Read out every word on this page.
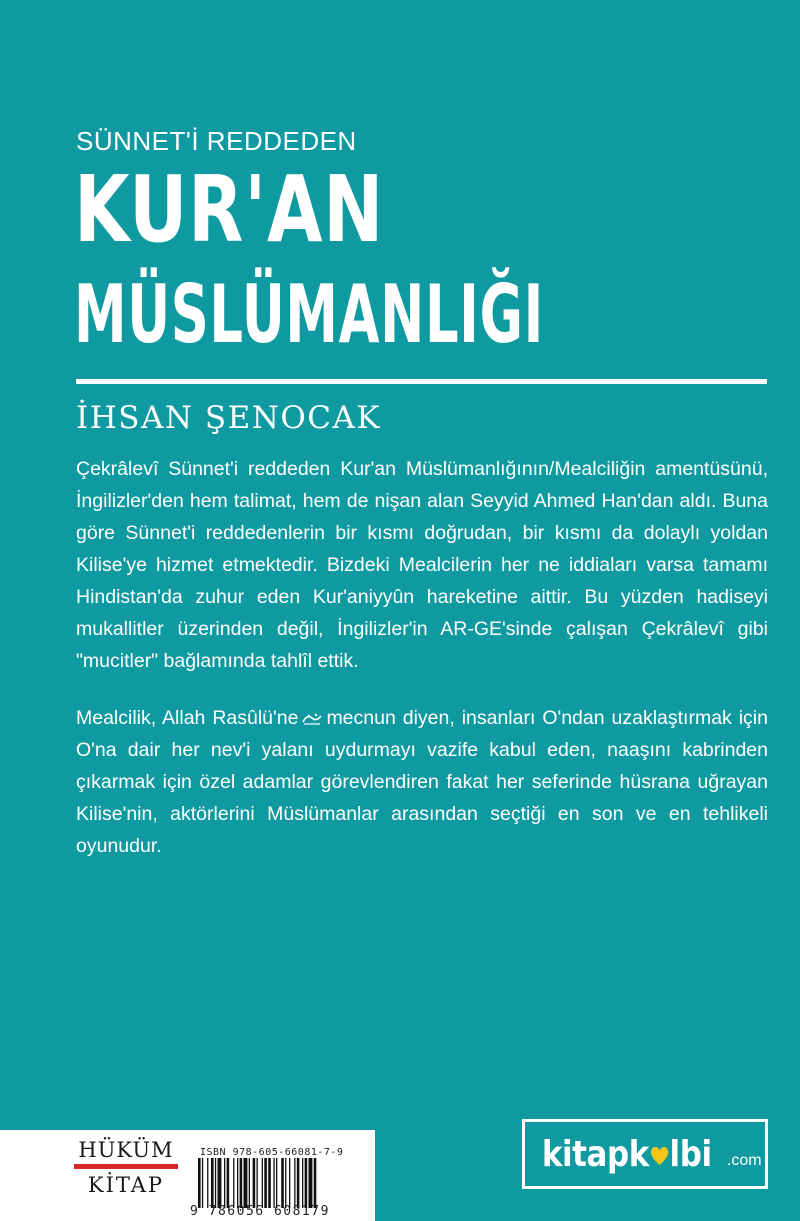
SÜNNET'İ REDDEDEN
KUR'AN
MÜSLÜMANLIĞI
İHSAN ŞENOCAK

Çekrâlevî Sünnet'i reddeden Kur'an Müslümanlığının/Mealciliğin amentüsünü, İngilizler'den hem talimat, hem de nişan alan Seyyid Ahmed Han'dan aldı. Buna göre Sünnet'i reddedenlerin bir kısmı doğrudan, bir kısmı da dolaylı yoldan Kilise'ye hizmet etmektedir. Bizdeki Mealcilerin her ne iddiaları varsa tamamı Hindistan'da zuhur eden Kur'aniyyûn hareketine aittir. Bu yüzden hadiseyi mukallitler üzerinden değil, İngilizler'in AR-GE'sinde çalışan Çekrâlevî gibi "mucitler" bağlamında tahlîl ettik.

Mealcilik, Allah Rasûlü'ne mecnun diyen, insanları O'ndan uzaklaştırmak için O'na dair her nev'i yalanı uydurmayı vazife kabul eden, naaşını kabrinden çıkarmak için özel adamlar görevlendiren fakat her seferinde hüsrana uğrayan Kilise'nin, aktörlerini Müslümanlar arasından seçtiği en son ve en tehlikeli oyunudur.

HÜKÜM
KİTAP
ISBN 978-605-66081-7-9
9 786056 608179
kitapk lbi .com
